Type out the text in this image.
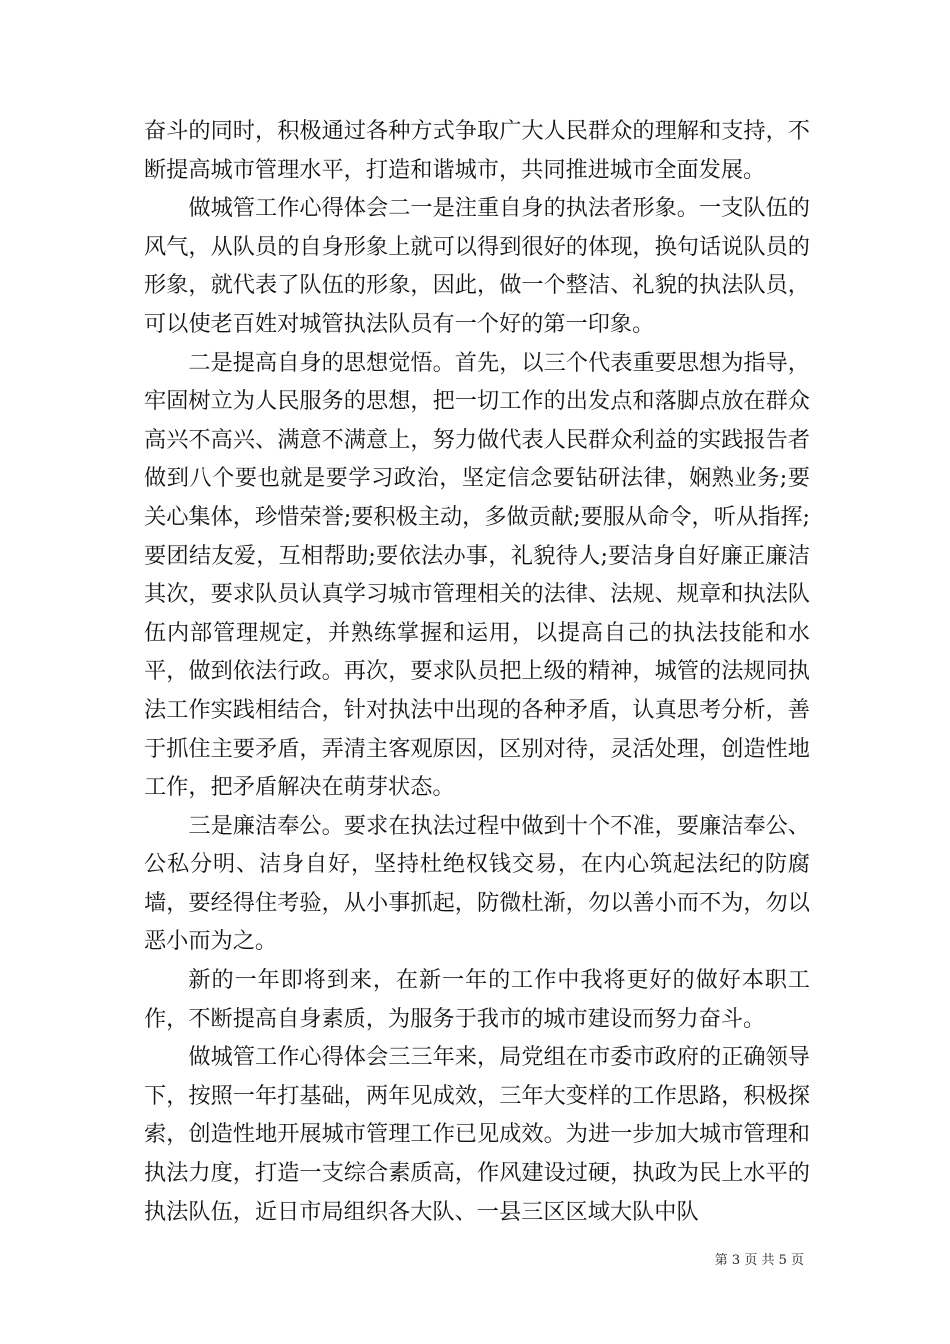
奋斗的同时，积极通过各种方式争取广大人民群众的理解和支持，不断提高城市管理水平，打造和谐城市，共同推进城市全面发展。

做城管工作心得体会二一是注重自身的执法者形象。一支队伍的风气，从队员的自身形象上就可以得到很好的体现，换句话说队员的形象，就代表了队伍的形象，因此，做一个整洁、礼貌的执法队员，可以使老百姓对城管执法队员有一个好的第一印象。

二是提高自身的思想觉悟。首先，以三个代表重要思想为指导，牢固树立为人民服务的思想，把一切工作的出发点和落脚点放在群众高兴不高兴、满意不满意上，努力做代表人民群众利益的实践报告者做到八个要也就是要学习政治，坚定信念要钻研法律，娴熟业务;要关心集体，珍惜荣誉;要积极主动，多做贡献;要服从命令，听从指挥;要团结友爱，互相帮助;要依法办事，礼貌待人;要洁身自好廉正廉洁其次，要求队员认真学习城市管理相关的法律、法规、规章和执法队伍内部管理规定，并熟练掌握和运用，以提高自己的执法技能和水平，做到依法行政。再次，要求队员把上级的精神，城管的法规同执法工作实践相结合，针对执法中出现的各种矛盾，认真思考分析，善于抓住主要矛盾，弄清主客观原因，区别对待，灵活处理，创造性地工作，把矛盾解决在萌芽状态。

三是廉洁奉公。要求在执法过程中做到十个不准，要廉洁奉公、公私分明、洁身自好，坚持杜绝权钱交易，在内心筑起法纪的防腐墙，要经得住考验，从小事抓起，防微杜渐，勿以善小而不为，勿以恶小而为之。

新的一年即将到来，在新一年的工作中我将更好的做好本职工作，不断提高自身素质，为服务于我市的城市建设而努力奋斗。

做城管工作心得体会三三年来，局党组在市委市政府的正确领导下，按照一年打基础，两年见成效，三年大变样的工作思路，积极探索，创造性地开展城市管理工作已见成效。为进一步加大城市管理和执法力度，打造一支综合素质高，作风建设过硬，执政为民上水平的执法队伍，近日市局组织各大队、一县三区区域大队中队

第 3 页 共 5 页
